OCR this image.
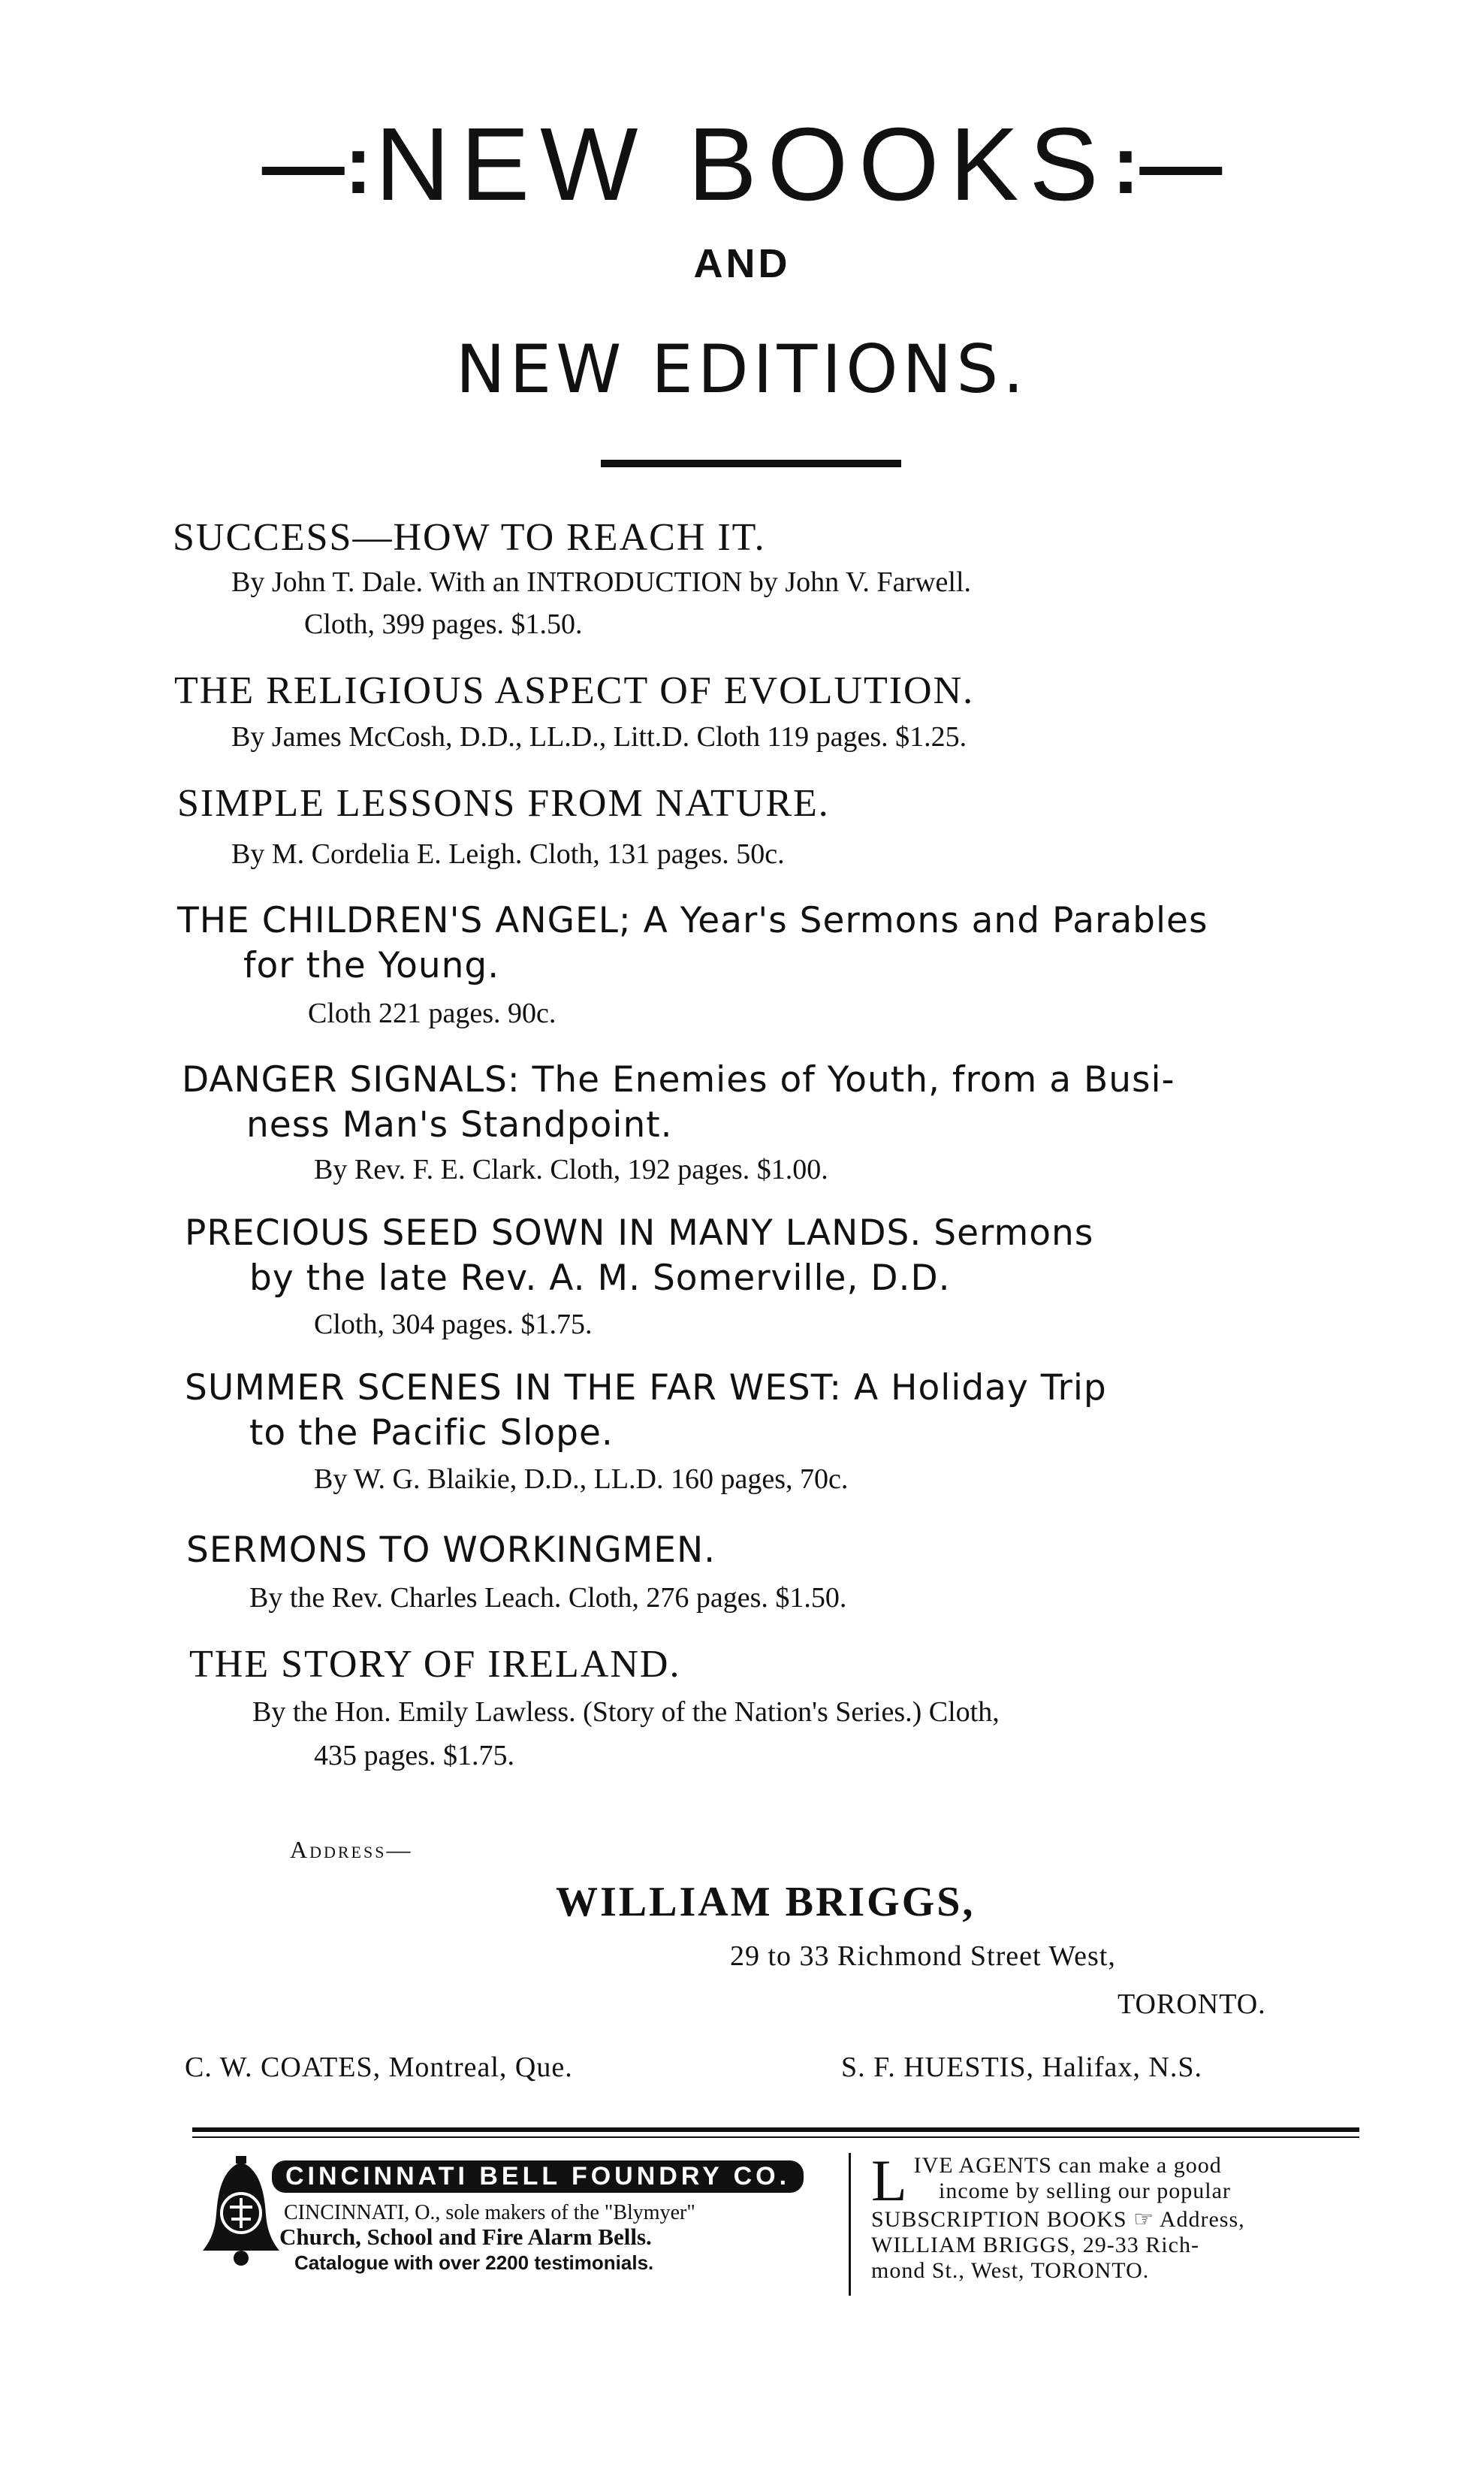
—: NEW BOOKS :—
AND
NEW EDITIONS.
SUCCESS—HOW TO REACH IT.
By John T. Dale. With an INTRODUCTION by John V. Farwell.
Cloth, 399 pages. $1.50.
THE RELIGIOUS ASPECT OF EVOLUTION.
By James McCosh, D.D., LL.D., Litt.D. Cloth 119 pages. $1.25.
SIMPLE LESSONS FROM NATURE.
By M. Cordelia E. Leigh. Cloth, 131 pages. 50c.
THE CHILDREN'S ANGEL; A Year's Sermons and Parables
for the Young.
Cloth 221 pages. 90c.
DANGER SIGNALS: The Enemies of Youth, from a Busi-
ness Man's Standpoint.
By Rev. F. E. Clark. Cloth, 192 pages. $1.00.
PRECIOUS SEED SOWN IN MANY LANDS. Sermons
by the late Rev. A. M. Somerville, D.D.
Cloth, 304 pages. $1.75.
SUMMER SCENES IN THE FAR WEST: A Holiday Trip
to the Pacific Slope.
By W. G. Blaikie, D.D., LL.D. 160 pages, 70c.
SERMONS TO WORKINGMEN.
By the Rev. Charles Leach. Cloth, 276 pages. $1.50.
THE STORY OF IRELAND.
By the Hon. Emily Lawless. (Story of the Nation's Series.) Cloth,
435 pages. $1.75.
Address—
WILLIAM BRIGGS,
29 to 33 Richmond Street West,
TORONTO.
C. W. COATES, Montreal, Que.	S. F. HUESTIS, Halifax, N.S.
CINCINNATI BELL FOUNDRY CO.
CINCINNATI, O., sole makers of the "Blymyer"
Church, School and Fire Alarm Bells.
Catalogue with over 2200 testimonials.
L IVE AGENTS can make a good
income by selling our popular
SUBSCRIPTION BOOKS ☞ Address,
WILLIAM BRIGGS, 29-33 Rich-
mond St., West, TORONTO.
